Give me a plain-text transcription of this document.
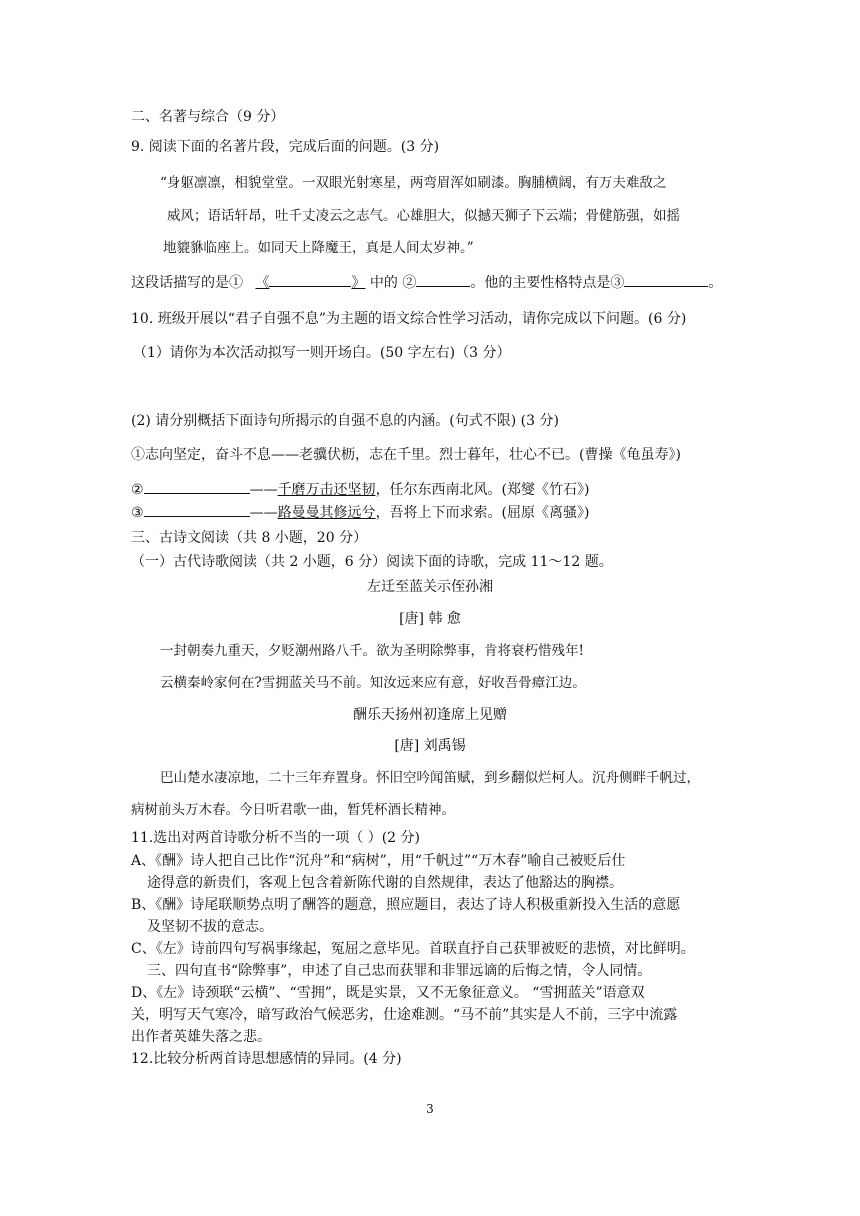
二、名著与综合（9 分）
9. 阅读下面的名著片段，完成后面的问题。(3 分)
“身躯凛凛，相貌堂堂。一双眼光射寒星，两弯眉浑如刷漆。胸脯横阔，有万夫难敌之
威风；语话轩昂，吐千丈凌云之志气。心雄胆大，似撼天狮子下云端；骨健筋强，如摇
地貔貅临座上。如同天上降魔王，真是人间太岁神。”
这段话描写的是① 《	》 中的 ②	。他的主要性格特点是③	。
10. 班级开展以“君子自强不息”为主题的语文综合性学习活动，请你完成以下问题。(6 分)
（1）请你为本次活动拟写一则开场白。(50 字左右)（3 分）
(2) 请分别概括下面诗句所揭示的自强不息的内涵。(句式不限) (3 分)
①志向坚定，奋斗不息——老骥伏枥，志在千里。烈士暮年，壮心不已。(曹操《龟虽寿》)
②	——千磨万击还坚韧，任尔东西南北风。(郑燮《竹石》)
③	——路曼曼其修远兮，吾将上下而求索。(屈原《离骚》)
三、古诗文阅读（共 8 小题，20 分）
（一）古代诗歌阅读（共 2 小题，6 分）阅读下面的诗歌，完成 11～12 题。
左迁至蓝关示侄孙湘
[唐] 韩 愈
一封朝奏九重天，夕贬潮州路八千。欲为圣明除弊事，肯将衰朽惜残年!
云横秦岭家何在?雪拥蓝关马不前。知汝远来应有意，好收吾骨瘴江边。
酬乐天扬州初逢席上见赠
[唐] 刘禹锡
巴山楚水凄凉地，二十三年弃置身。怀旧空吟闻笛赋，到乡翻似烂柯人。沉舟侧畔千帆过，
病树前头万木春。今日听君歌一曲，暂凭杯酒长精神。
11.选出对两首诗歌分析不当的一项（ ）(2 分)
A、《酬》诗人把自己比作“沉舟”和“病树”，用“千帆过”“万木春”喻自己被贬后仕
途得意的新贵们，客观上包含着新陈代谢的自然规律，表达了他豁达的胸襟。
B、《酬》诗尾联顺势点明了酬答的题意，照应题目，表达了诗人积极重新投入生活的意愿
及坚韧不拔的意志。
C、《左》诗前四句写祸事缘起，冤屈之意毕见。首联直抒自己获罪被贬的悲愤，对比鲜明。
三、四句直书“除弊事”，申述了自己忠而获罪和非罪远谪的后悔之情，令人同情。
D、《左》诗颈联“云横”、“雪拥”，既是实景，又不无象征意义。 “雪拥蓝关”语意双
关，明写天气寒冷，暗写政治气候恶劣，仕途难测。“马不前”其实是人不前，三字中流露
出作者英雄失落之悲。
12.比较分析两首诗思想感情的异同。(4 分)
3
